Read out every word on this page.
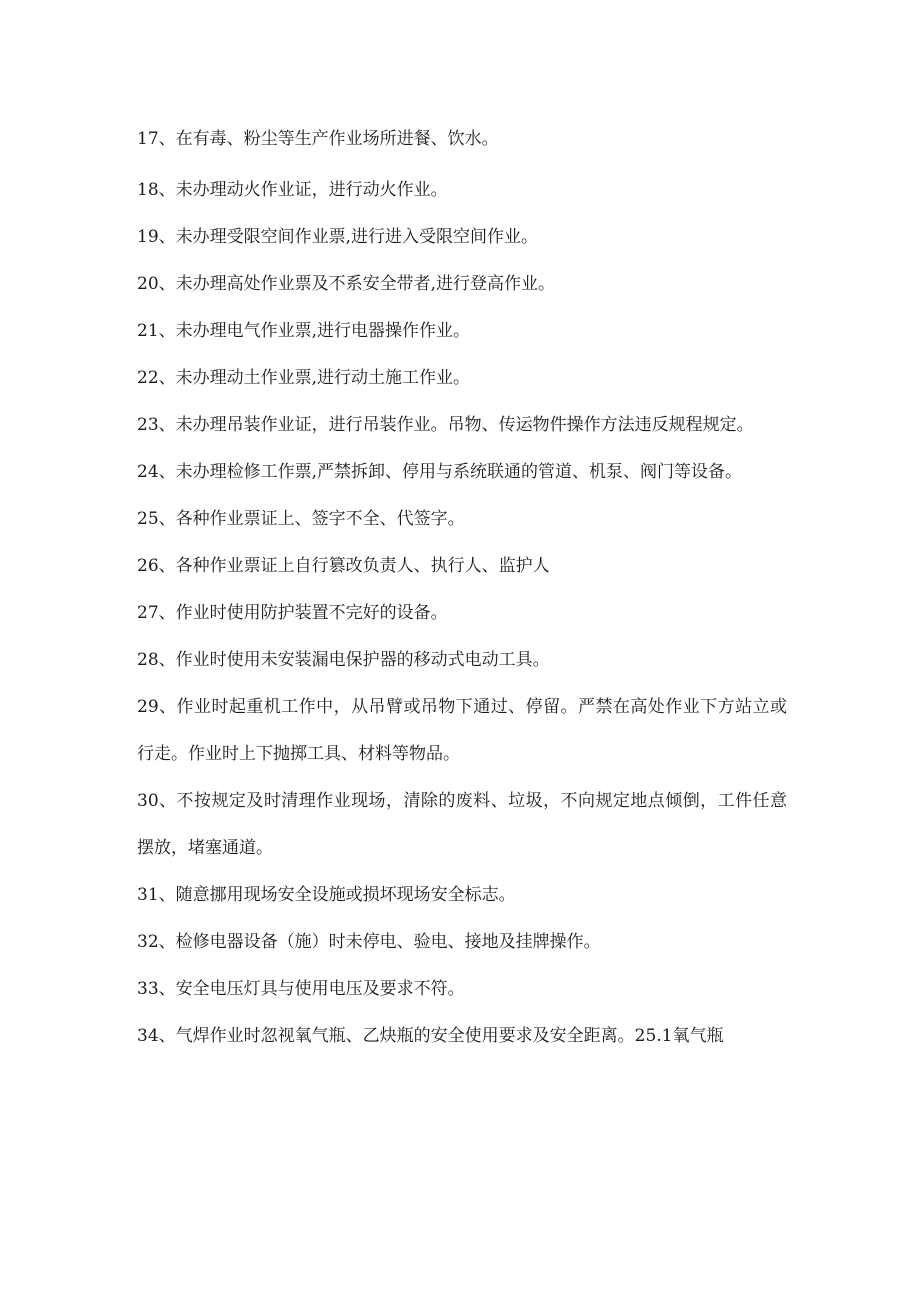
17、在有毒、粉尘等生产作业场所进餐、饮水。

18、未办理动火作业证，进行动火作业。

19、未办理受限空间作业票,进行进入受限空间作业。

20、未办理高处作业票及不系安全带者,进行登高作业。

21、未办理电气作业票,进行电器操作作业。

22、未办理动土作业票,进行动土施工作业。

23、未办理吊装作业证，进行吊装作业。吊物、传运物件操作方法违反规程规定。

24、未办理检修工作票,严禁拆卸、停用与系统联通的管道、机泵、阀门等设备。

25、各种作业票证上、签字不全、代签字。

26、各种作业票证上自行篡改负责人、执行人、监护人

27、作业时使用防护装置不完好的设备。

28、作业时使用未安装漏电保护器的移动式电动工具。

29、作业时起重机工作中，从吊臂或吊物下通过、停留。严禁在高处作业下方站立或行走。作业时上下抛掷工具、材料等物品。

30、不按规定及时清理作业现场，清除的废料、垃圾，不向规定地点倾倒，工件任意摆放，堵塞通道。

31、随意挪用现场安全设施或损坏现场安全标志。

32、检修电器设备（施）时未停电、验电、接地及挂牌操作。

33、安全电压灯具与使用电压及要求不符。

34、气焊作业时忽视氧气瓶、乙炔瓶的安全使用要求及安全距离。25.1氧气瓶
